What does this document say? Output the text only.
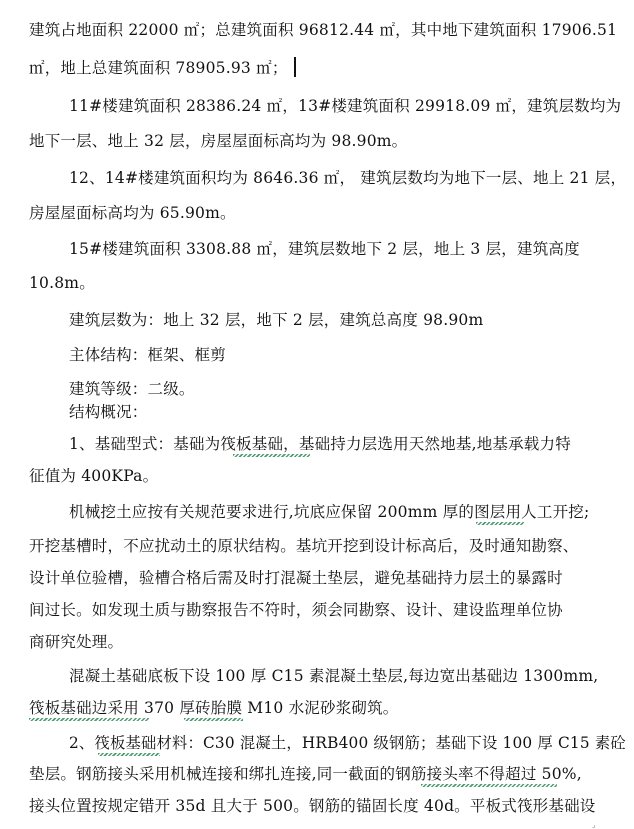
建筑占地面积 22000 ㎡；总建筑面积 96812.44 ㎡，其中地下建筑面积 17906.51
㎡，地上总建筑面积 78905.93 ㎡；
11#楼建筑面积 28386.24 ㎡，13#楼建筑面积 29918.09 ㎡，建筑层数均为
地下一层、地上 32 层，房屋屋面标高均为 98.90m。
12、14#楼建筑面积均为 8646.36 ㎡， 建筑层数均为地下一层、地上 21 层，
房屋屋面标高均为 65.90m。
15#楼建筑面积 3308.88 ㎡，建筑层数地下 2 层，地上 3 层，建筑高度
10.8m。
建筑层数为：地上 32 层，地下 2 层，建筑总高度 98.90m
主体结构：框架、框剪
建筑等级：二级。
结构概况：
1、基础型式：基础为筏板基础，基础持力层选用天然地基,地基承载力特
征值为 400KPa。
机械挖土应按有关规范要求进行,坑底应保留 200mm 厚的图层用人工开挖;
开挖基槽时，不应扰动土的原状结构。基坑开挖到设计标高后，及时通知勘察、
设计单位验槽，验槽合格后需及时打混凝土垫层，避免基础持力层土的暴露时
间过长。如发现土质与勘察报告不符时，须会同勘察、设计、建设监理单位协
商研究处理。
混凝土基础底板下设 100 厚 C15 素混凝土垫层,每边宽出基础边 1300mm,
筏板基础边采用 370 厚砖胎膜 M10 水泥砂浆砌筑。
2、筏板基础材料：C30 混凝土，HRB400 级钢筋；基础下设 100 厚 C15 素砼
垫层。钢筋接头采用机械连接和绑扎连接,同一截面的钢筋接头率不得超过 50%,
接头位置按规定错开 35d 且大于 500。钢筋的锚固长度 40d。平板式筏形基础设
⌟
